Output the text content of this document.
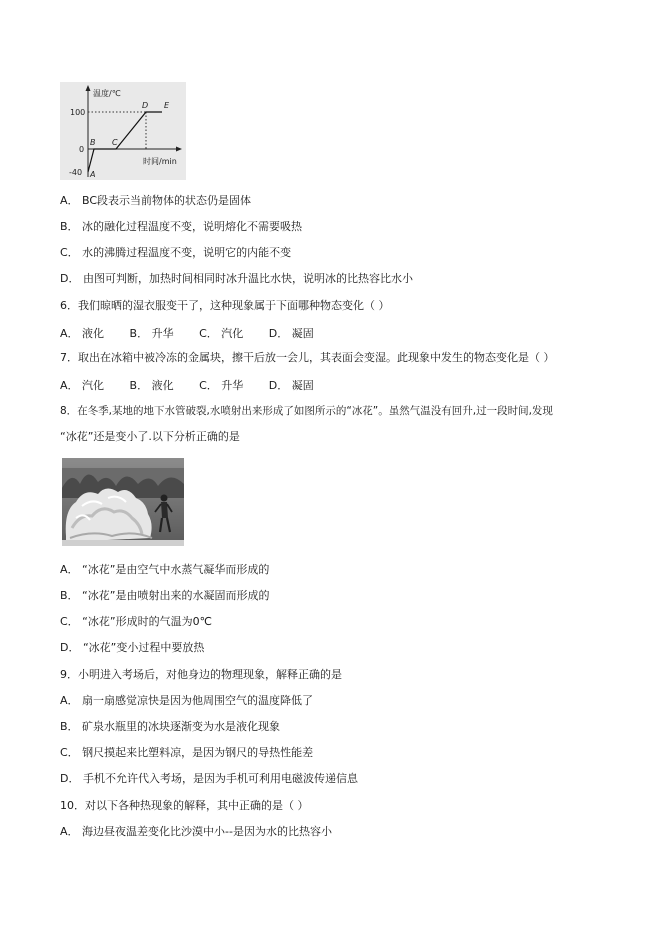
温度/℃
时间/min
100
0
-40 A
B C
D E
A． BC段表示当前物体的状态仍是固体
B． 冰的融化过程温度不变，说明熔化不需要吸热
C． 水的沸腾过程温度不变，说明它的内能不变
D． 由图可判断，加热时间相同时冰升温比水快，说明冰的比热容比水小
6．我们晾晒的湿衣服变干了，这种现象属于下面哪种物态变化（ ）
A． 液化 B． 升华 C． 汽化 D． 凝固
7．取出在冰箱中被冷冻的金属块，擦干后放一会儿，其表面会变湿。此现象中发生的物态变化是（ ）
A． 汽化 B． 液化 C． 升华 D． 凝固
8．在冬季,某地的地下水管破裂,水喷射出来形成了如图所示的“冰花”。虽然气温没有回升,过一段时间,发现
“冰花”还是变小了.以下分析正确的是
A． “冰花”是由空气中水蒸气凝华而形成的
B． “冰花”是由喷射出来的水凝固而形成的
C． “冰花”形成时的气温为0℃
D． “冰花”变小过程中要放热
9．小明进入考场后，对他身边的物理现象，解释正确的是
A． 扇一扇感觉凉快是因为他周围空气的温度降低了
B． 矿泉水瓶里的冰块逐渐变为水是液化现象
C． 钢尺摸起来比塑料凉，是因为钢尺的导热性能差
D． 手机不允许代入考场，是因为手机可利用电磁波传递信息
10．对以下各种热现象的解释，其中正确的是（ ）
A． 海边昼夜温差变化比沙漠中小--是因为水的比热容小
